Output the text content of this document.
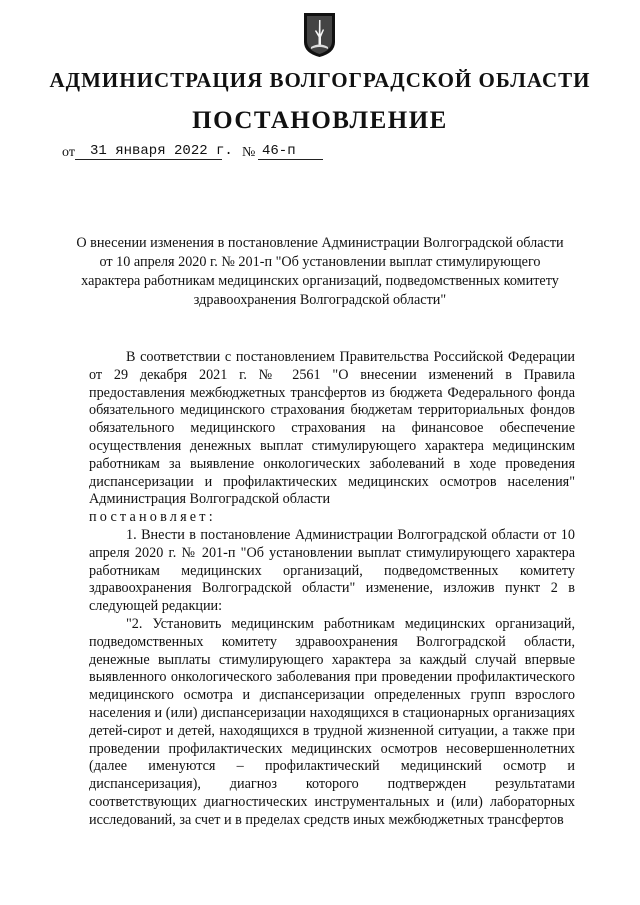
АДМИНИСТРАЦИЯ ВОЛГОГРАДСКОЙ ОБЛАСТИ
ПОСТАНОВЛЕНИЕ
от 31 января 2022 г. № 46-п
О внесении изменения в постановление Администрации Волгоградской области от 10 апреля 2020 г. № 201-п "Об установлении выплат стимулирующего характера работникам медицинских организаций, подведомственных комитету здравоохранения Волгоградской области"

В соответствии с постановлением Правительства Российской Федерации от 29 декабря 2021 г. № 2561 "О внесении изменений в Правила предоставления межбюджетных трансфертов из бюджета Федерального фонда обязательного медицинского страхования бюджетам территориальных фондов обязательного медицинского страхования на финансовое обеспечение осуществления денежных выплат стимулирующего характера медицинским работникам за выявление онкологических заболеваний в ходе проведения диспансеризации и профилактических медицинских осмотров населения" Администрация Волгоградской области

постановляет:

1. Внести в постановление Администрации Волгоградской области от 10 апреля 2020 г. № 201-п "Об установлении выплат стимулирующего характера работникам медицинских организаций, подведомственных комитету здравоохранения Волгоградской области" изменение, изложив пункт 2 в следующей редакции:

"2. Установить медицинским работникам медицинских организаций, подведомственных комитету здравоохранения Волгоградской области, денежные выплаты стимулирующего характера за каждый случай впервые выявленного онкологического заболевания при проведении профилактического медицинского осмотра и диспансеризации определенных групп взрослого населения и (или) диспансеризации находящихся в стационарных организациях детей-сирот и детей, находящихся в трудной жизненной ситуации, а также при проведении профилактических медицинских осмотров несовершеннолетних (далее именуются – профилактический медицинский осмотр и диспансеризация), диагноз которого подтвержден результатами соответствующих диагностических инструментальных и (или) лабораторных исследований, за счет и в пределах средств иных межбюджетных трансфертов
